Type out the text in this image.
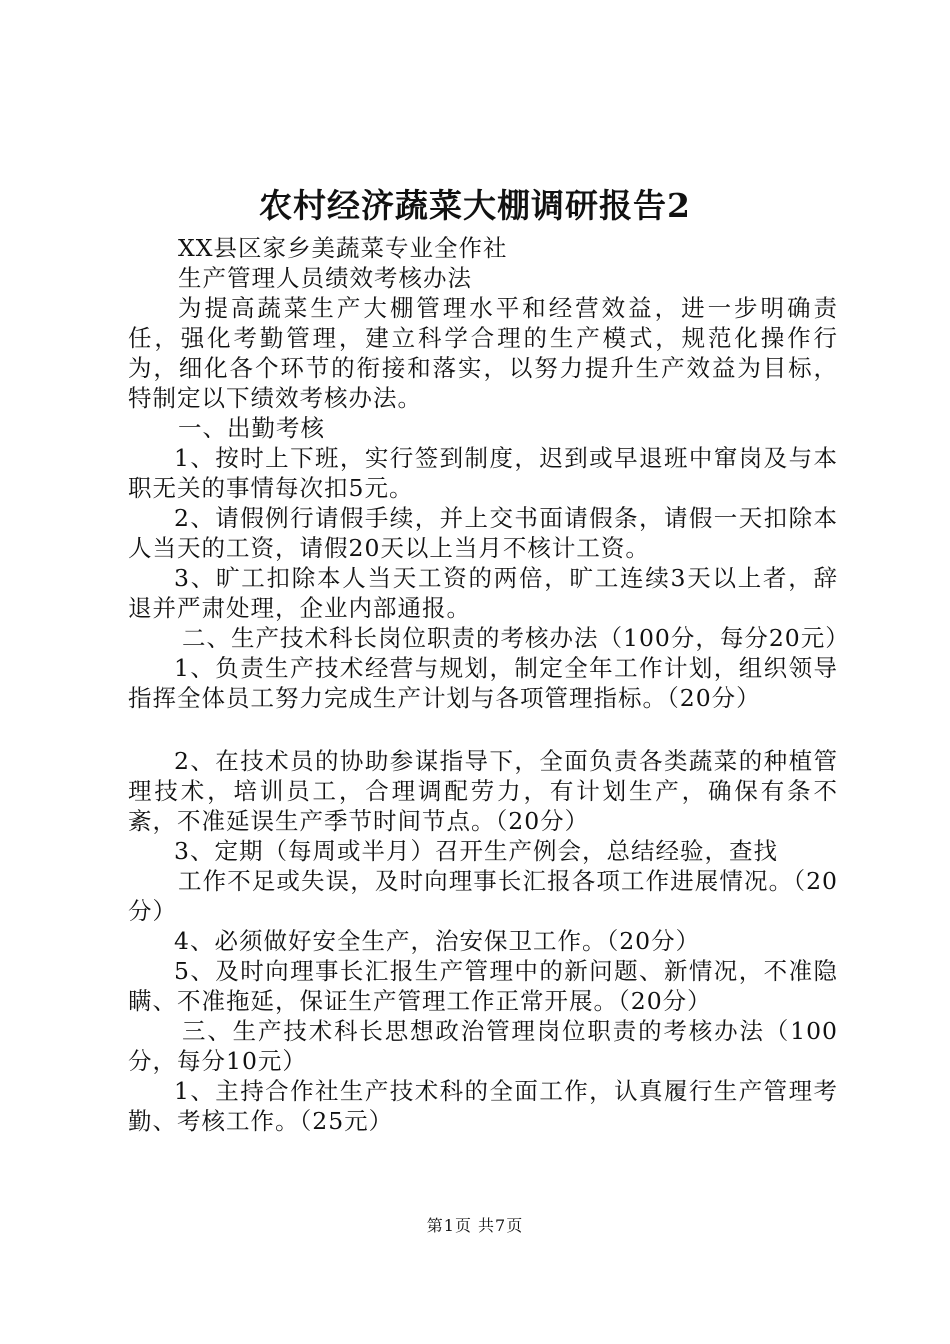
农村经济蔬菜大棚调研报告2

XX县区家乡美蔬菜专业全作社

生产管理人员绩效考核办法

为提高蔬菜生产大棚管理水平和经营效益，进一步明确责任，强化考勤管理，建立科学合理的生产模式，规范化操作行为，细化各个环节的衔接和落实，以努力提升生产效益为目标，特制定以下绩效考核办法。

一、出勤考核

1、按时上下班，实行签到制度，迟到或早退班中窜岗及与本职无关的事情每次扣5元。

2、请假例行请假手续，并上交书面请假条，请假一天扣除本人当天的工资，请假20天以上当月不核计工资。

3、旷工扣除本人当天工资的两倍，旷工连续3天以上者，辞退并严肃处理，企业内部通报。

二、生产技术科长岗位职责的考核办法（100分，每分20元）

1、负责生产技术经营与规划，制定全年工作计划，组织领导指挥全体员工努力完成生产计划与各项管理指标。（20分）

2、在技术员的协助参谋指导下，全面负责各类蔬菜的种植管理技术，培训员工，合理调配劳力，有计划生产，确保有条不紊，不准延误生产季节时间节点。（20分）

3、定期（每周或半月）召开生产例会，总结经验，查找

工作不足或失误，及时向理事长汇报各项工作进展情况。（20分）

4、必须做好安全生产，治安保卫工作。（20分）

5、及时向理事长汇报生产管理中的新问题、新情况，不准隐瞒、不准拖延，保证生产管理工作正常开展。（20分）

三、生产技术科长思想政治管理岗位职责的考核办法（100分，每分10元）

1、主持合作社生产技术科的全面工作，认真履行生产管理考勤、考核工作。（25元）

第1页 共7页
